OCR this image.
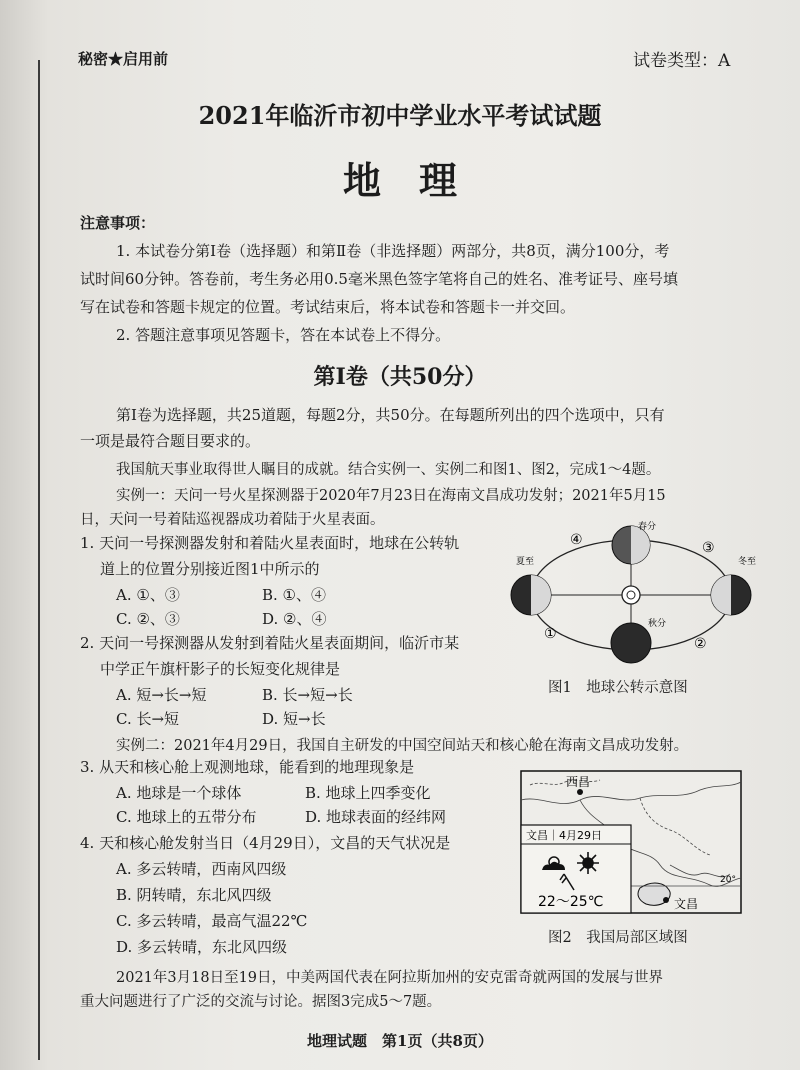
秘密★启用前	试卷类型：A
2021年临沂市初中学业水平考试试题
地理
注意事项：
1. 本试卷分第Ⅰ卷（选择题）和第Ⅱ卷（非选择题）两部分，共8页，满分100分，考
试时间60分钟。答卷前，考生务必用0.5毫米黑色签字笔将自己的姓名、准考证号、座号填
写在试卷和答题卡规定的位置。考试结束后，将本试卷和答题卡一并交回。
2. 答题注意事项见答题卡，答在本试卷上不得分。
第Ⅰ卷（共50分）
第Ⅰ卷为选择题，共25道题，每题2分，共50分。在每题所列出的四个选项中，只有
一项是最符合题目要求的。
我国航天事业取得世人瞩目的成就。结合实例一、实例二和图1、图2，完成1～4题。
实例一：天问一号火星探测器于2020年7月23日在海南文昌成功发射；2021年5月15
日，天问一号着陆巡视器成功着陆于火星表面。
1. 天问一号探测器发射和着陆火星表面时，地球在公转轨
道上的位置分别接近图1中所示的
A. ①、③	B. ①、④
C. ②、③	D. ②、④
2. 天问一号探测器从发射到着陆火星表面期间，临沂市某
中学正午旗杆影子的长短变化规律是
A. 短→长→短	B. 长→短→长
C. 长→短	D. 短→长
夏至	冬至
春分
秋分
①
②
③
④
图1　地球公转示意图
实例二：2021年4月29日，我国自主研发的中国空间站天和核心舱在海南文昌成功发射。
3. 从天和核心舱上观测地球，能看到的地理现象是
A. 地球是一个球体	B. 地球上四季变化
C. 地球上的五带分布	D. 地球表面的经纬网
4. 天和核心舱发射当日（4月29日），文昌的天气状况是
A. 多云转晴，西南风四级
B. 阴转晴，东北风四级
C. 多云转晴，最高气温22℃
D. 多云转晴，东北风四级
西昌
文昌
20°
文昌｜4月29日
22～25℃
图2　我国局部区域图
2021年3月18日至19日，中美两国代表在阿拉斯加州的安克雷奇就两国的发展与世界
重大问题进行了广泛的交流与讨论。据图3完成5～7题。
地理试题　第1页（共8页）
